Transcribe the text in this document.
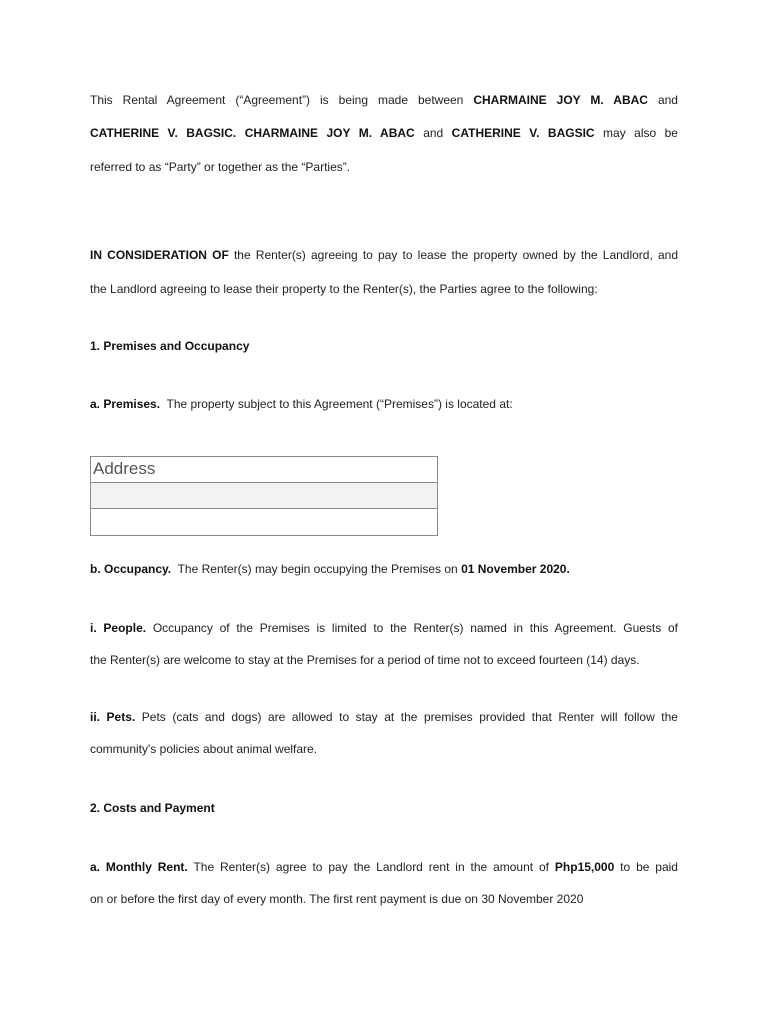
This Rental Agreement (“Agreement”) is being made between CHARMAINE JOY M. ABAC and
CATHERINE V. BAGSIC. CHARMAINE JOY M. ABAC and CATHERINE V. BAGSIC may also be
referred to as “Party” or together as the “Parties”.
IN CONSIDERATION OF the Renter(s) agreeing to pay to lease the property owned by the Landlord, and
the Landlord agreeing to lease their property to the Renter(s), the Parties agree to the following:
1. Premises and Occupancy
a. Premises. The property subject to this Agreement (“Premises”) is located at:
Address
b. Occupancy. The Renter(s) may begin occupying the Premises on 01 November 2020.
i. People. Occupancy of the Premises is limited to the Renter(s) named in this Agreement. Guests of
the Renter(s) are welcome to stay at the Premises for a period of time not to exceed fourteen (14) days.
ii. Pets. Pets (cats and dogs) are allowed to stay at the premises provided that Renter will follow the
community's policies about animal welfare.
2. Costs and Payment
a. Monthly Rent. The Renter(s) agree to pay the Landlord rent in the amount of Php15,000 to be paid
on or before the first day of every month. The first rent payment is due on 30 November 2020
